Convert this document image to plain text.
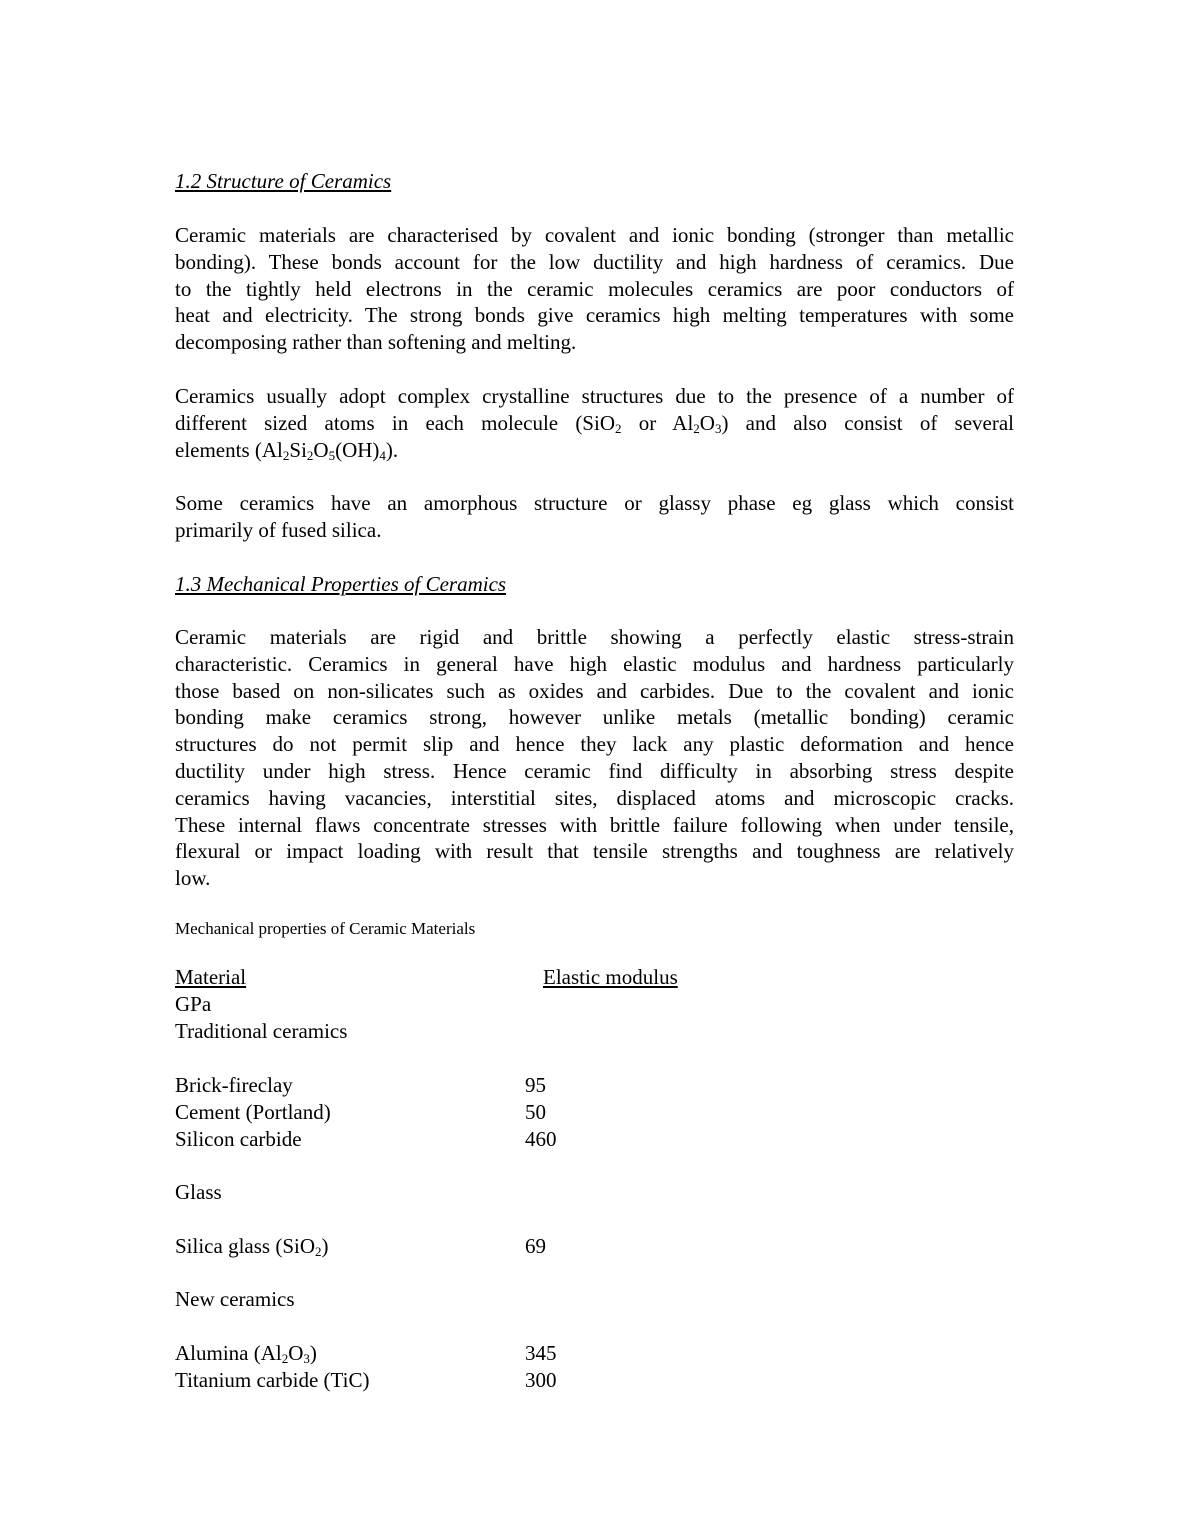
1.2 Structure of Ceramics
Ceramic materials are characterised by covalent and ionic bonding (stronger than metallic
bonding). These bonds account for the low ductility and high hardness of ceramics. Due
to the tightly held electrons in the ceramic molecules ceramics are poor conductors of
heat and electricity. The strong bonds give ceramics high melting temperatures with some
decomposing rather than softening and melting.
Ceramics usually adopt complex crystalline structures due to the presence of a number of
different sized atoms in each molecule (SiO$_2$ or $Al_2O_3$) and also consist of several
elements $(Al_2Si_2O_5(OH)_4)$.
Some ceramics have an amorphous structure or glassy phase eg glass which consist
primarily of fused silica.
1.3 Mechanical Properties of Ceramics
Ceramic materials are rigid and brittle showing a perfectly elastic stress-strain
characteristic. Ceramics in general have high elastic modulus and hardness particularly
those based on non-silicates such as oxides and carbides. Due to the covalent and ionic
bonding make ceramics strong, however unlike metals (metallic bonding) ceramic
structures do not permit slip and hence they lack any plastic deformation and hence
ductility under high stress. Hence ceramic find difficulty in absorbing stress despite
ceramics having vacancies, interstitial sites, displaced atoms and microscopic cracks.
These internal flaws concentrate stresses with brittle failure following when under tensile,
flexural or impact loading with result that tensile strengths and toughness are relatively
low.
Mechanical properties of Ceramic Materials
Material	Elastic modulus
GPa
Traditional ceramics
Brick-fireclay	95
Cement (Portland)	50
Silicon carbide	460
Glass
Silica glass (SiO$_2$)	69
New ceramics
Alumina $(Al_2O_3)$	345
Titanium carbide (TiC)	300
